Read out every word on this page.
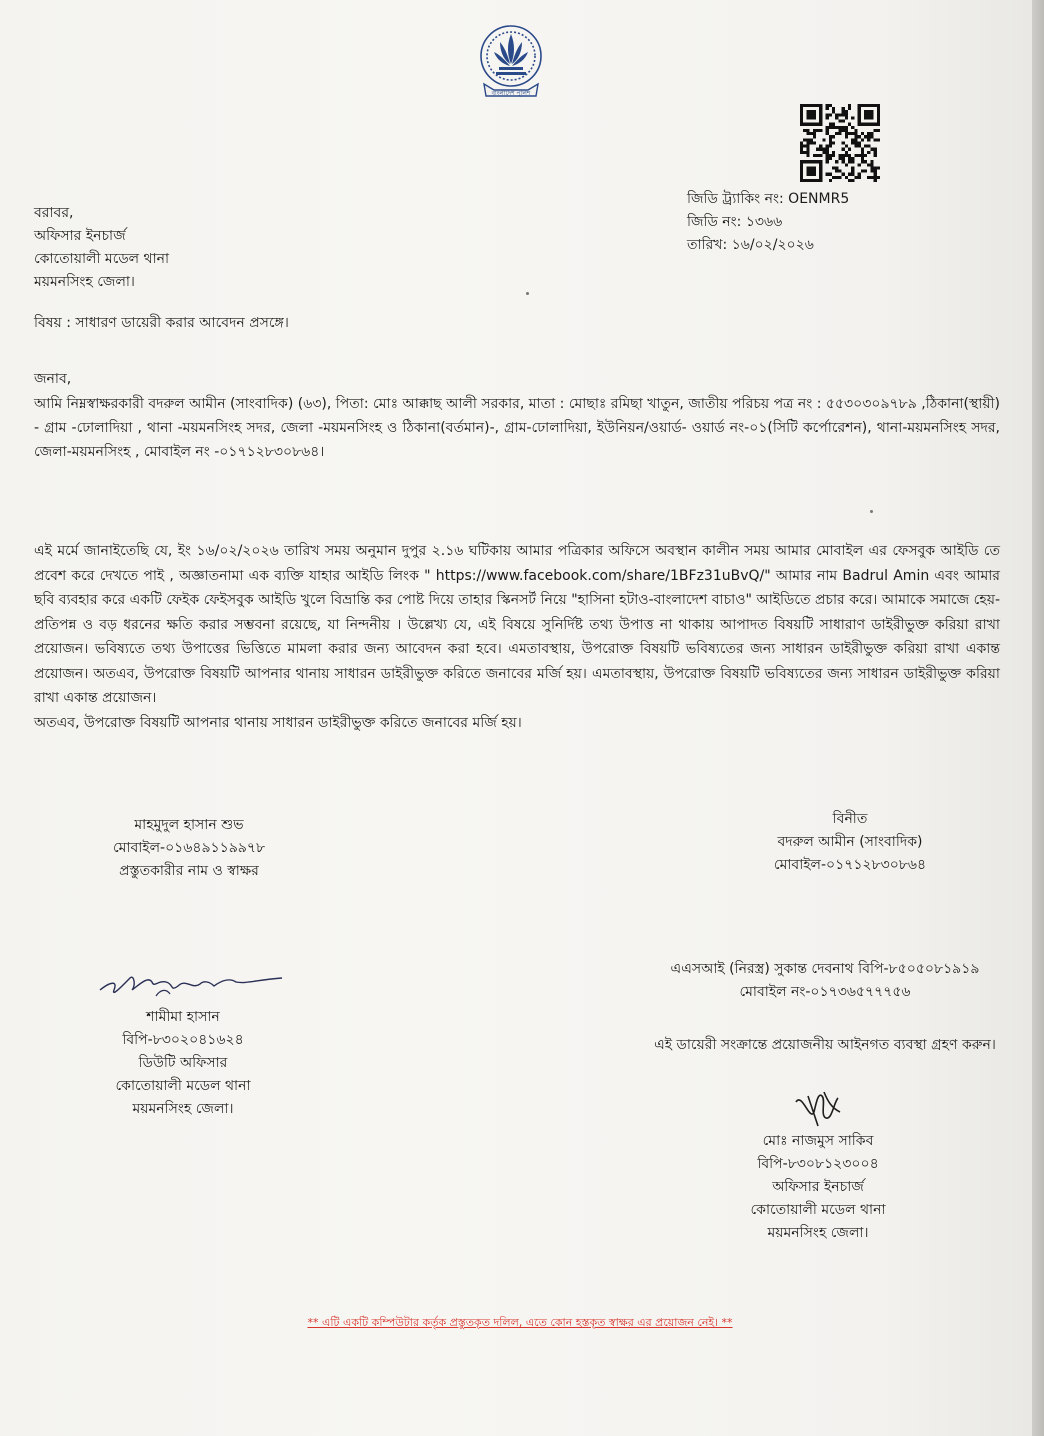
বাংলাদেশ পুলিশ
জিডি ট্র্যাকিং নং: OENMR5
জিডি নং: ১৩৬৬
তারিখ: ১৬/০২/২০২৬
বরাবর,
অফিসার ইনচার্জ
কোতোয়ালী মডেল থানা
ময়মনসিংহ জেলা।
বিষয় : সাধারণ ডায়েরী করার আবেদন প্রসঙ্গে।
জনাব,
আমি নিম্নস্বাক্ষরকারী বদরুল আমীন (সাংবাদিক) (৬৩), পিতা: মোঃ আক্কাছ আলী সরকার, মাতা : মোছাঃ রমিছা খাতুন, জাতীয় পরিচয় পত্র নং : ৫৫৩০৩০৯৭৮৯ ,ঠিকানা(স্থায়ী) - গ্রাম -ঢোলাদিয়া , থানা -ময়মনসিংহ সদর, জেলা -ময়মনসিংহ ও ঠিকানা(বর্তমান)-, গ্রাম-ঢোলাদিয়া, ইউনিয়ন/ওয়ার্ড- ওয়ার্ড নং-০১(সিটি কর্পোরেশন), থানা-ময়মনসিংহ সদর, জেলা-ময়মনসিংহ , মোবাইল নং -০১৭১২৮৩০৮৬৪।

এই মর্মে জানাইতেছি যে, ইং ১৬/০২/২০২৬ তারিখ সময় অনুমান দুপুর ২.১৬ ঘটিকায় আমার পত্রিকার অফিসে অবস্থান কালীন সময় আমার মোবাইল এর ফেসবুক আইডি তে প্রবেশ করে দেখতে পাই , অজ্ঞাতনামা এক ব্যক্তি যাহার আইডি লিংক " https://www.facebook.com/share/1BFz31uBvQ/" আমার নাম Badrul Amin এবং আমার ছবি ব্যবহার করে একটি ফেইক ফেইসবুক আইডি খুলে বিভ্রান্তি কর পোষ্ট দিয়ে তাহার স্কিনসর্ট নিয়ে "হাসিনা হটাও-বাংলাদেশ বাচাও" আইডিতে প্রচার করে। আমাকে সমাজে হেয়-প্রতিপন্ন ও বড় ধরনের ক্ষতি করার সম্ভবনা রয়েছে, যা নিন্দনীয় । উল্লেখ্য যে, এই বিষয়ে সুনির্দিষ্ট তথ্য উপাত্ত না থাকায় আপাদত বিষয়টি সাধারাণ ডাইরীভুক্ত করিয়া রাখা প্রয়োজন। ভবিষ্যতে তথ্য উপাত্তের ভিত্তিতে মামলা করার জন্য আবেদন করা হবে। এমতাবস্থায়, উপরোক্ত বিষয়টি ভবিষ্যতের জন্য সাধারন ডাইরীভুক্ত করিয়া রাখা একান্ত প্রয়োজন। অতএব, উপরোক্ত বিষয়টি আপনার থানায় সাধারন ডাইরীভুক্ত করিতে জনাবের মর্জি হয়। এমতাবস্থায়, উপরোক্ত বিষয়টি ভবিষ্যতের জন্য সাধারন ডাইরীভুক্ত করিয়া রাখা একান্ত প্রয়োজন।

অতএব, উপরোক্ত বিষয়টি আপনার থানায় সাধারন ডাইরীভুক্ত করিতে জনাবের মর্জি হয়।

মাহমুদুল হাসান শুভ
মোবাইল-০১৬৪৯১১৯৯৭৮
প্রস্তুতকারীর নাম ও স্বাক্ষর
বিনীত
বদরুল আমীন (সাংবাদিক)
মোবাইল-০১৭১২৮৩০৮৬৪
এএসআই (নিরস্ত্র) সুকান্ত দেবনাথ বিপি-৮৫০৫০৮১৯১৯
মোবাইল নং-০১৭৩৬৫৭৭৭৫৬
এই ডায়েরী সংক্রান্তে প্রয়োজনীয় আইনগত ব্যবস্থা গ্রহণ করুন।
শামীমা হাসান
বিপি-৮৩০২০৪১৬২৪
ডিউটি অফিসার
কোতোয়ালী মডেল থানা
ময়মনসিংহ জেলা।
মোঃ নাজমুস সাকিব
বিপি-৮৩০৮১২৩০০৪
অফিসার ইনচার্জ
কোতোয়ালী মডেল থানা
ময়মনসিংহ জেলা।
** এটি একটি কম্পিউটার কর্তৃক প্রস্তুতকৃত দলিল, এতে কোন হস্তকৃত স্বাক্ষর এর প্রয়োজন নেই। **
